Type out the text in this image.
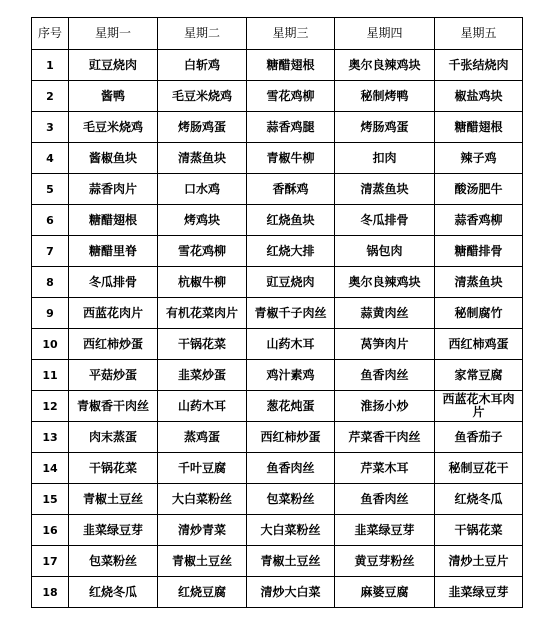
序号	星期一	星期二	星期三	星期四	星期五
1	豇豆烧肉	白斩鸡	糖醋翅根	奥尔良辣鸡块	千张结烧肉
2	酱鸭	毛豆米烧鸡	雪花鸡柳	秘制烤鸭	椒盐鸡块
3	毛豆米烧鸡	烤肠鸡蛋	蒜香鸡腿	烤肠鸡蛋	糖醋翅根
4	酱椒鱼块	清蒸鱼块	青椒牛柳	扣肉	辣子鸡
5	蒜香肉片	口水鸡	香酥鸡	清蒸鱼块	酸汤肥牛
6	糖醋翅根	烤鸡块	红烧鱼块	冬瓜排骨	蒜香鸡柳
7	糖醋里脊	雪花鸡柳	红烧大排	锅包肉	糖醋排骨
8	冬瓜排骨	杭椒牛柳	豇豆烧肉	奥尔良辣鸡块	清蒸鱼块
9	西蓝花肉片	有机花菜肉片	青椒千子肉丝	蒜黄肉丝	秘制腐竹
10	西红柿炒蛋	干锅花菜	山药木耳	莴笋肉片	西红柿鸡蛋
11	平菇炒蛋	韭菜炒蛋	鸡汁素鸡	鱼香肉丝	家常豆腐
12	青椒香干肉丝	山药木耳	葱花炖蛋	淮扬小炒	西蓝花木耳肉片
13	肉末蒸蛋	蒸鸡蛋	西红柿炒蛋	芹菜香干肉丝	鱼香茄子
14	干锅花菜	千叶豆腐	鱼香肉丝	芹菜木耳	秘制豆花干
15	青椒土豆丝	大白菜粉丝	包菜粉丝	鱼香肉丝	红烧冬瓜
16	韭菜绿豆芽	清炒青菜	大白菜粉丝	韭菜绿豆芽	干锅花菜
17	包菜粉丝	青椒土豆丝	青椒土豆丝	黄豆芽粉丝	清炒土豆片
18	红烧冬瓜	红烧豆腐	清炒大白菜	麻婆豆腐	韭菜绿豆芽
